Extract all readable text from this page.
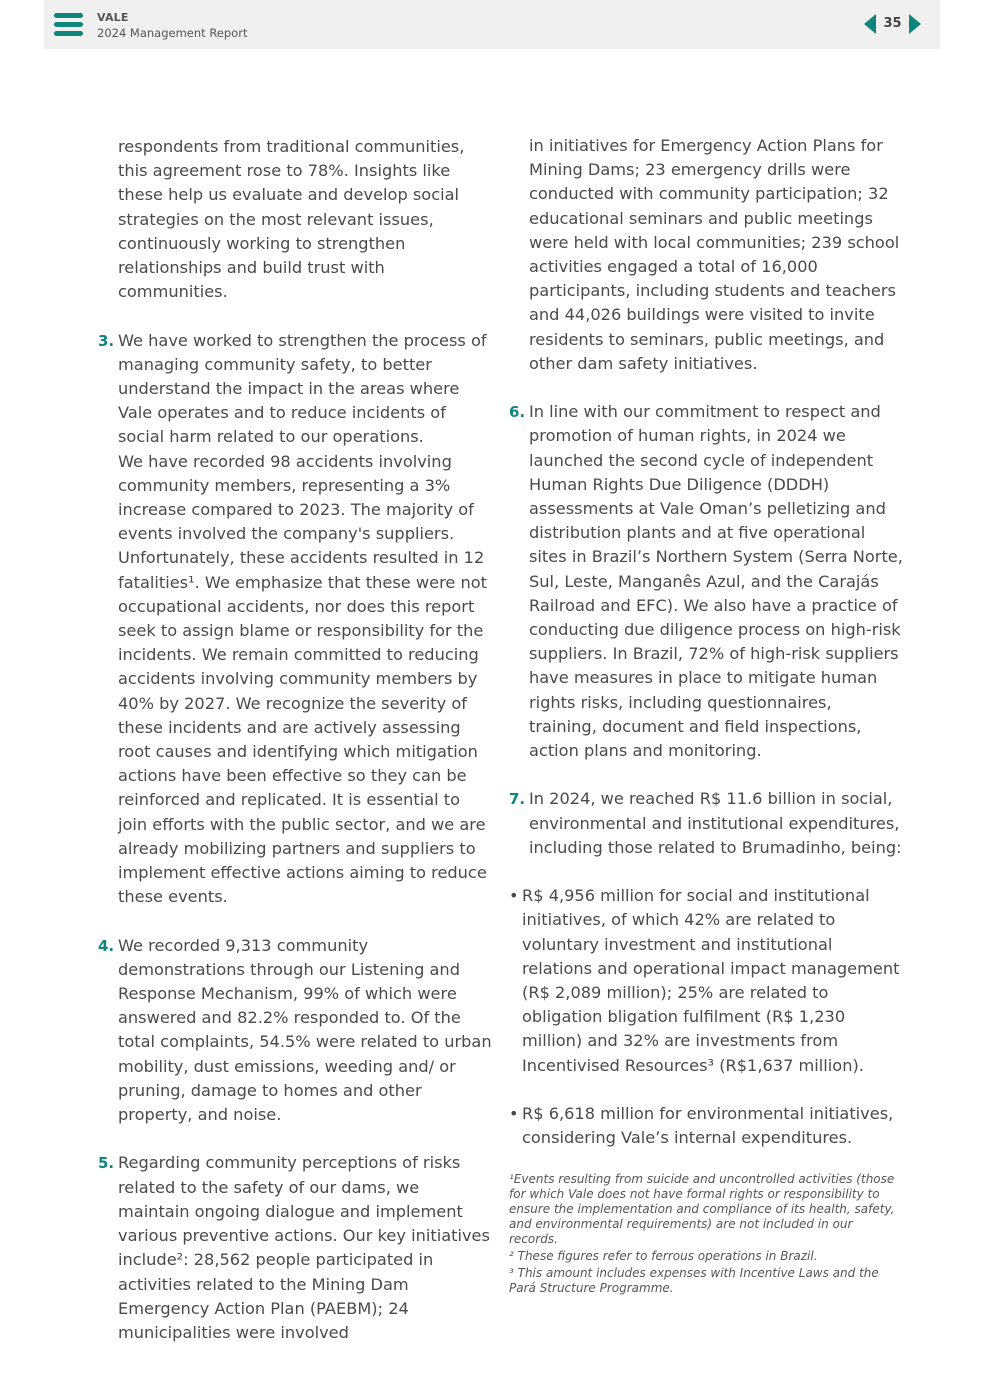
VALE
2024 Management Report
35

respondents from traditional communities, this agreement rose to 78%. Insights like these help us evaluate and develop social strategies on the most relevant issues, continuously working to strengthen relationships and build trust with communities.

3. We have worked to strengthen the process of managing community safety, to better understand the impact in the areas where Vale operates and to reduce incidents of social harm related to our operations.

We have recorded 98 accidents involving community members, representing a 3% increase compared to 2023. The majority of events involved the company's suppliers. Unfortunately, these accidents resulted in 12 fatalities¹. We emphasize that these were not occupational accidents, nor does this report seek to assign blame or responsibility for the incidents. We remain committed to reducing accidents involving community members by 40% by 2027. We recognize the severity of these incidents and are actively assessing root causes and identifying which mitigation actions have been effective so they can be reinforced and replicated. It is essential to join efforts with the public sector, and we are already mobilizing partners and suppliers to implement effective actions aiming to reduce these events.

4. We recorded 9,313 community demonstrations through our Listening and Response Mechanism, 99% of which were answered and 82.2% responded to. Of the total complaints, 54.5% were related to urban mobility, dust emissions, weeding and/ or pruning, damage to homes and other property, and noise.

5. Regarding community perceptions of risks related to the safety of our dams, we maintain ongoing dialogue and implement various preventive actions. Our key initiatives include²: 28,562 people participated in activities related to the Mining Dam Emergency Action Plan (PAEBM); 24 municipalities were involved

in initiatives for Emergency Action Plans for Mining Dams; 23 emergency drills were conducted with community participation; 32 educational seminars and public meetings were held with local communities; 239 school activities engaged a total of 16,000 participants, including students and teachers and 44,026 buildings were visited to invite residents to seminars, public meetings, and other dam safety initiatives.

6. In line with our commitment to respect and promotion of human rights, in 2024 we launched the second cycle of independent Human Rights Due Diligence (DDDH) assessments at Vale Oman’s pelletizing and distribution plants and at five operational sites in Brazil’s Northern System (Serra Norte, Sul, Leste, Manganês Azul, and the Carajás Railroad and EFC). We also have a practice of conducting due diligence process on high-risk suppliers. In Brazil, 72% of high-risk suppliers have measures in place to mitigate human rights risks, including questionnaires, training, document and field inspections, action plans and monitoring.

7. In 2024, we reached R$ 11.6 billion in social, environmental and institutional expenditures, including those related to Brumadinho, being:

• R$ 4,956 million for social and institutional initiatives, of which 42% are related to voluntary investment and institutional relations and operational impact management (R$ 2,089 million); 25% are related to obligation bligation fulfilment (R$ 1,230 million) and 32% are investments from Incentivised Resources³ (R$1,637 million).

• R$ 6,618 million for environmental initiatives, considering Vale’s internal expenditures.

¹Events resulting from suicide and uncontrolled activities (those for which Vale does not have formal rights or responsibility to ensure the implementation and compliance of its health, safety, and environmental requirements) are not included in our records.

² These figures refer to ferrous operations in Brazil.

³ This amount includes expenses with Incentive Laws and the Pará Structure Programme.
